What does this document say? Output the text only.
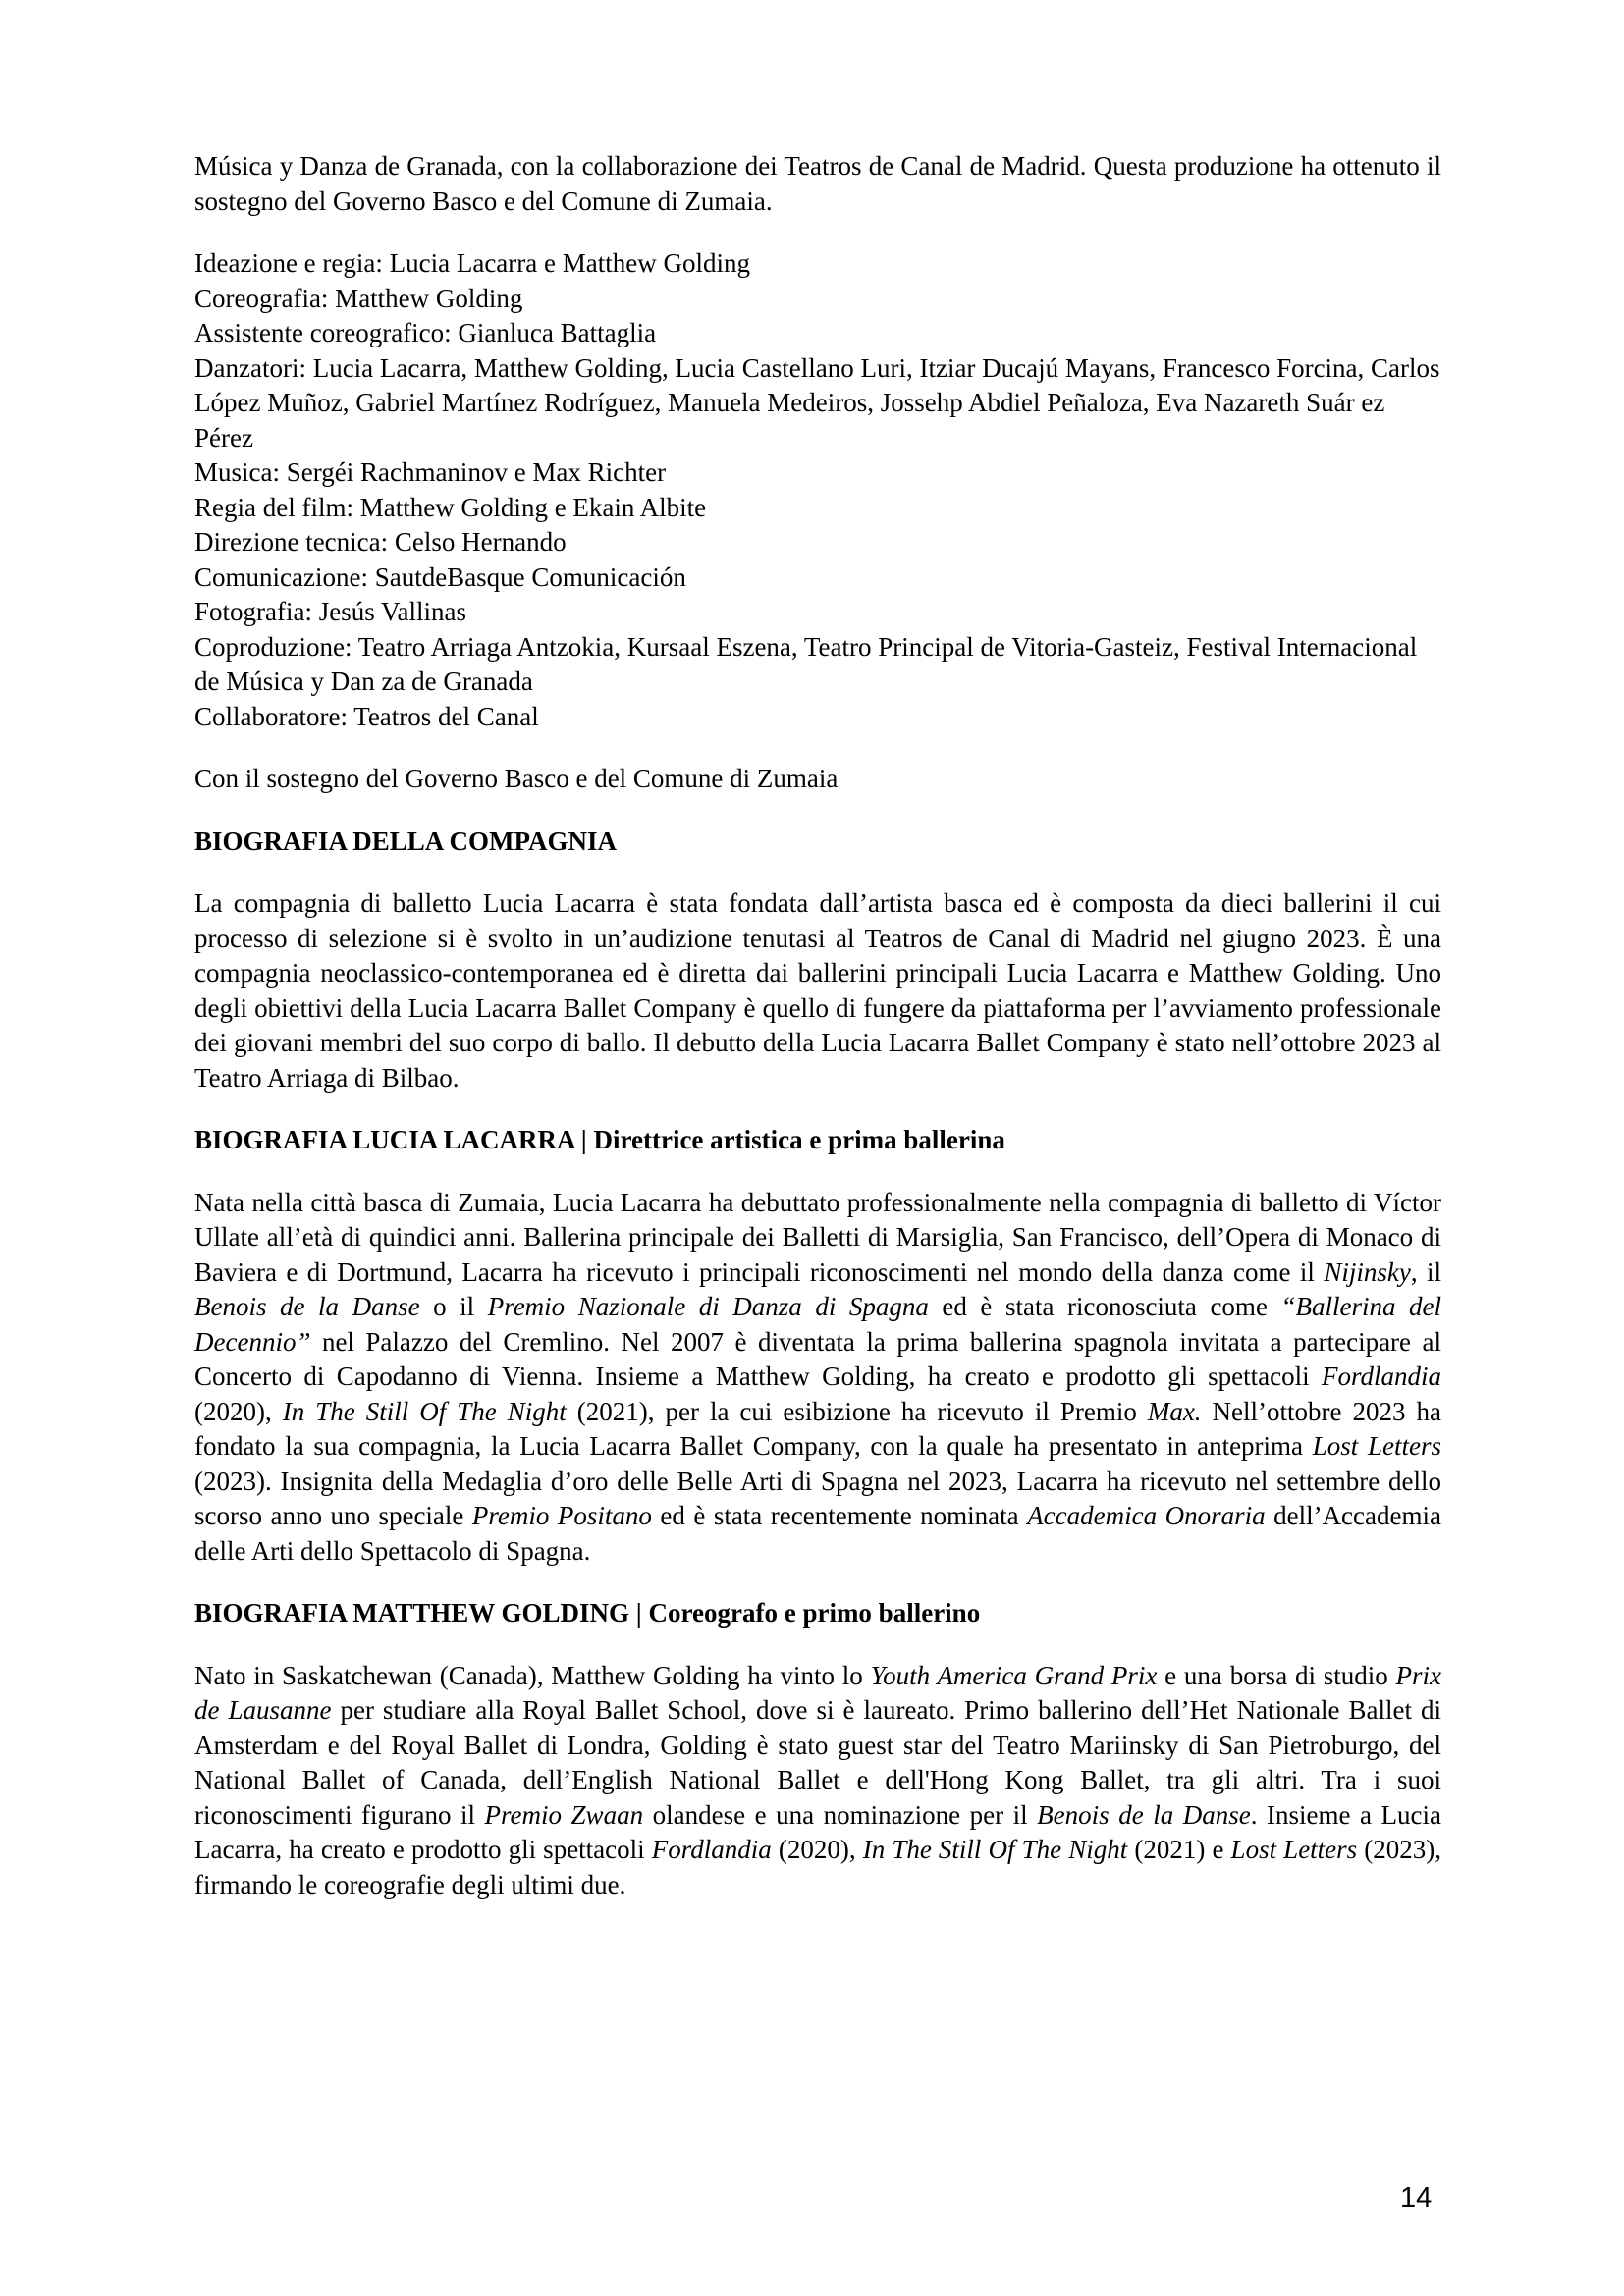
Música y Danza de Granada, con la collaborazione dei Teatros de Canal de Madrid. Questa produzione ha ottenuto il sostegno del Governo Basco e del Comune di Zumaia.

Ideazione e regia: Lucia Lacarra e Matthew Golding

Coreografia: Matthew Golding

Assistente coreografico: Gianluca Battaglia

Danzatori: Lucia Lacarra, Matthew Golding, Lucia Castellano Luri, Itziar Ducajú Mayans, Francesco Forcina, Carlos López Muñoz, Gabriel Martínez Rodríguez, Manuela Medeiros, Jossehp Abdiel Peñaloza, Eva Nazareth Suár ez Pérez

Musica: Sergéi Rachmaninov e Max Richter

Regia del film: Matthew Golding e Ekain Albite

Direzione tecnica: Celso Hernando

Comunicazione: SautdeBasque Comunicación

Fotografia: Jesús Vallinas

Coproduzione: Teatro Arriaga Antzokia, Kursaal Eszena, Teatro Principal de Vitoria-Gasteiz, Festival Internacional de Música y Dan za de Granada

Collaboratore: Teatros del Canal

Con il sostegno del Governo Basco e del Comune di Zumaia

BIOGRAFIA DELLA COMPAGNIA

La compagnia di balletto Lucia Lacarra è stata fondata dall’artista basca ed è composta da dieci ballerini il cui processo di selezione si è svolto in un’audizione tenutasi al Teatros de Canal di Madrid nel giugno 2023. È una compagnia neoclassico-contemporanea ed è diretta dai ballerini principali Lucia Lacarra e Matthew Golding. Uno degli obiettivi della Lucia Lacarra Ballet Company è quello di fungere da piattaforma per l’avviamento professionale dei giovani membri del suo corpo di ballo. Il debutto della Lucia Lacarra Ballet Company è stato nell’ottobre 2023 al Teatro Arriaga di Bilbao.

BIOGRAFIA LUCIA LACARRA | Direttrice artistica e prima ballerina

Nata nella città basca di Zumaia, Lucia Lacarra ha debuttato professionalmente nella compagnia di balletto di Víctor Ullate all’età di quindici anni. Ballerina principale dei Balletti di Marsiglia, San Francisco, dell’Opera di Monaco di Baviera e di Dortmund, Lacarra ha ricevuto i principali riconoscimenti nel mondo della danza come il Nijinsky, il Benois de la Danse o il Premio Nazionale di Danza di Spagna ed è stata riconosciuta come “Ballerina del Decennio” nel Palazzo del Cremlino. Nel 2007 è diventata la prima ballerina spagnola invitata a partecipare al Concerto di Capodanno di Vienna. Insieme a Matthew Golding, ha creato e prodotto gli spettacoli Fordlandia (2020), In The Still Of The Night (2021), per la cui esibizione ha ricevuto il Premio Max. Nell’ottobre 2023 ha fondato la sua compagnia, la Lucia Lacarra Ballet Company, con la quale ha presentato in anteprima Lost Letters (2023). Insignita della Medaglia d’oro delle Belle Arti di Spagna nel 2023, Lacarra ha ricevuto nel settembre dello scorso anno uno speciale Premio Positano ed è stata recentemente nominata Accademica Onoraria dell’Accademia delle Arti dello Spettacolo di Spagna.

BIOGRAFIA MATTHEW GOLDING | Coreografo e primo ballerino

Nato in Saskatchewan (Canada), Matthew Golding ha vinto lo Youth America Grand Prix e una borsa di studio Prix de Lausanne per studiare alla Royal Ballet School, dove si è laureato. Primo ballerino dell’Het Nationale Ballet di Amsterdam e del Royal Ballet di Londra, Golding è stato guest star del Teatro Mariinsky di San Pietroburgo, del National Ballet of Canada, dell’English National Ballet e dell'Hong Kong Ballet, tra gli altri. Tra i suoi riconoscimenti figurano il Premio Zwaan olandese e una nominazione per il Benois de la Danse. Insieme a Lucia Lacarra, ha creato e prodotto gli spettacoli Fordlandia (2020), In The Still Of The Night (2021) e Lost Letters (2023), firmando le coreografie degli ultimi due.

14
